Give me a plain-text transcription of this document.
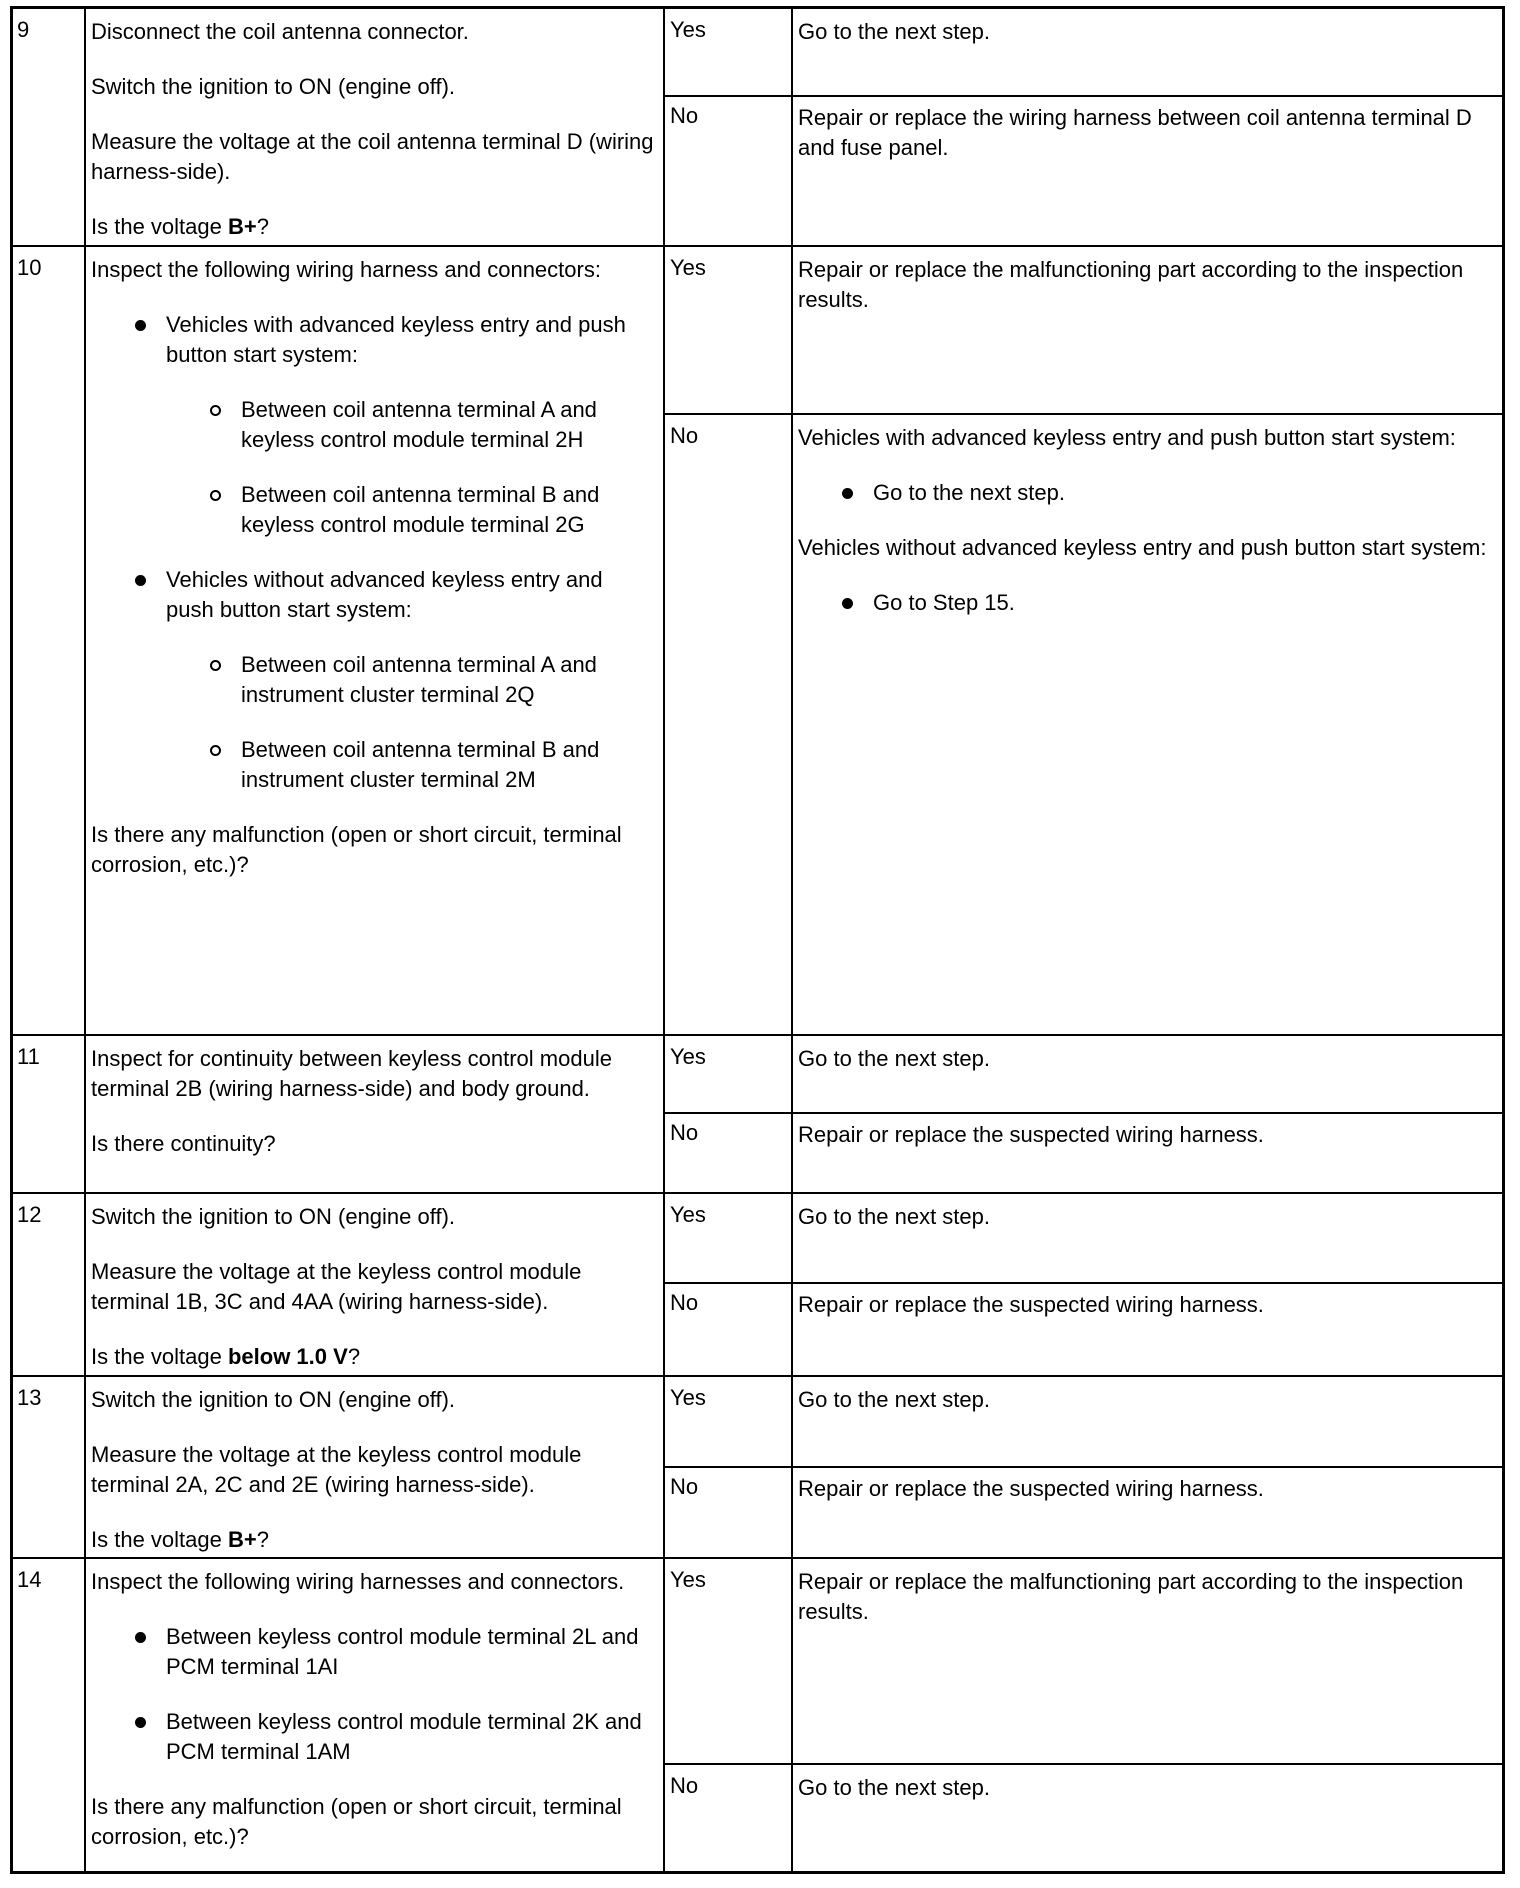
9	Disconnect the coil antenna connector.

Switch the ignition to ON (engine off).

Measure the voltage at the coil antenna terminal D (wiring harness-side).

Is the voltage B+?

Yes	Go to the next step.
No	Repair or replace the wiring harness between coil antenna terminal D and fuse panel.
10	Inspect the following wiring harness and connectors:

Vehicles with advanced keyless entry and push button start system:
Between coil antenna terminal A and keyless control module terminal 2H
Between coil antenna terminal B and keyless control module terminal 2G
Vehicles without advanced keyless entry and push button start system:
Between coil antenna terminal A and instrument cluster terminal 2Q
Between coil antenna terminal B and instrument cluster terminal 2M

Is there any malfunction (open or short circuit, terminal corrosion, etc.)?

Yes	Repair or replace the malfunctioning part according to the inspection results.
No	Vehicles with advanced keyless entry and push button start system:

Go to the next step.

Vehicles without advanced keyless entry and push button start system:

Go to Step 15.
11	Inspect for continuity between keyless control module terminal 2B (wiring harness-side) and body ground.

Is there continuity?

Yes	Go to the next step.
No	Repair or replace the suspected wiring harness.
12	Switch the ignition to ON (engine off).

Measure the voltage at the keyless control module terminal 1B, 3C and 4AA (wiring harness-side).

Is the voltage below 1.0 V?

Yes	Go to the next step.
No	Repair or replace the suspected wiring harness.
13	Switch the ignition to ON (engine off).

Measure the voltage at the keyless control module terminal 2A, 2C and 2E (wiring harness-side).

Is the voltage B+?

Yes	Go to the next step.
No	Repair or replace the suspected wiring harness.
14	Inspect the following wiring harnesses and connectors.

Between keyless control module terminal 2L and PCM terminal 1AI
Between keyless control module terminal 2K and PCM terminal 1AM

Is there any malfunction (open or short circuit, terminal corrosion, etc.)?

Yes	Repair or replace the malfunctioning part according to the inspection results.
No	Go to the next step.
